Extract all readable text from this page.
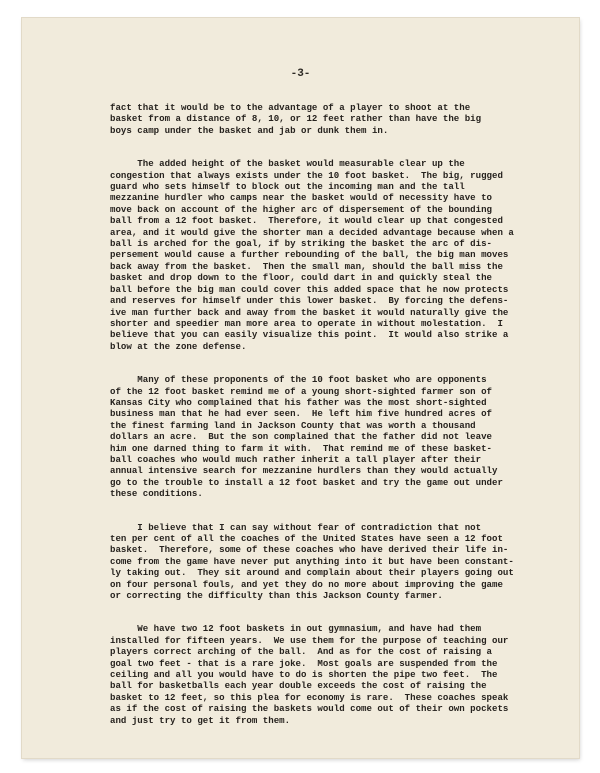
-3-
fact that it would be to the advantage of a player to shoot at the
basket from a distance of 8, 10, or 12 feet rather than have the big
boys camp under the basket and jab or dunk them in.
The added height of the basket would measurable clear up the
congestion that always exists under the 10 foot basket.  The big, rugged
guard who sets himself to block out the incoming man and the tall
mezzanine hurdler who camps near the basket would of necessity have to
move back on account of the higher arc of dispersement of the bounding
ball from a 12 foot basket.  Therefore, it would clear up that congested
area, and it would give the shorter man a decided advantage because when a
ball is arched for the goal, if by striking the basket the arc of dis-
persement would cause a further rebounding of the ball, the big man moves
back away from the basket.  Then the small man, should the ball miss the
basket and drop down to the floor, could dart in and quickly steal the
ball before the big man could cover this added space that he now protects
and reserves for himself under this lower basket.  By forcing the defens-
ive man further back and away from the basket it would naturally give the
shorter and speedier man more area to operate in without molestation.  I
believe that you can easily visualize this point.  It would also strike a
blow at the zone defense.
Many of these proponents of the 10 foot basket who are opponents
of the 12 foot basket remind me of a young short-sighted farmer son of
Kansas City who complained that his father was the most short-sighted
business man that he had ever seen.  He left him five hundred acres of
the finest farming land in Jackson County that was worth a thousand
dollars an acre.  But the son complained that the father did not leave
him one darned thing to farm it with.  That remind me of these basket-
ball coaches who would much rather inherit a tall player after their
annual intensive search for mezzanine hurdlers than they would actually
go to the trouble to install a 12 foot basket and try the game out under
these conditions.
I believe that I can say without fear of contradiction that not
ten per cent of all the coaches of the United States have seen a 12 foot
basket.  Therefore, some of these coaches who have derived their life in-
come from the game have never put anything into it but have been constant-
ly taking out.  They sit around and complain about their players going out
on four personal fouls, and yet they do no more about improving the game
or correcting the difficulty than this Jackson County farmer.
We have two 12 foot baskets in out gymnasium, and have had them
installed for fifteen years.  We use them for the purpose of teaching our
players correct arching of the ball.  And as for the cost of raising a
goal two feet - that is a rare joke.  Most goals are suspended from the
ceiling and all you would have to do is shorten the pipe two feet.  The
ball for basketballs each year double exceeds the cost of raising the
basket to 12 feet, so this plea for economy is rare.  These coaches speak
as if the cost of raising the baskets would come out of their own pockets
and just try to get it from them.
